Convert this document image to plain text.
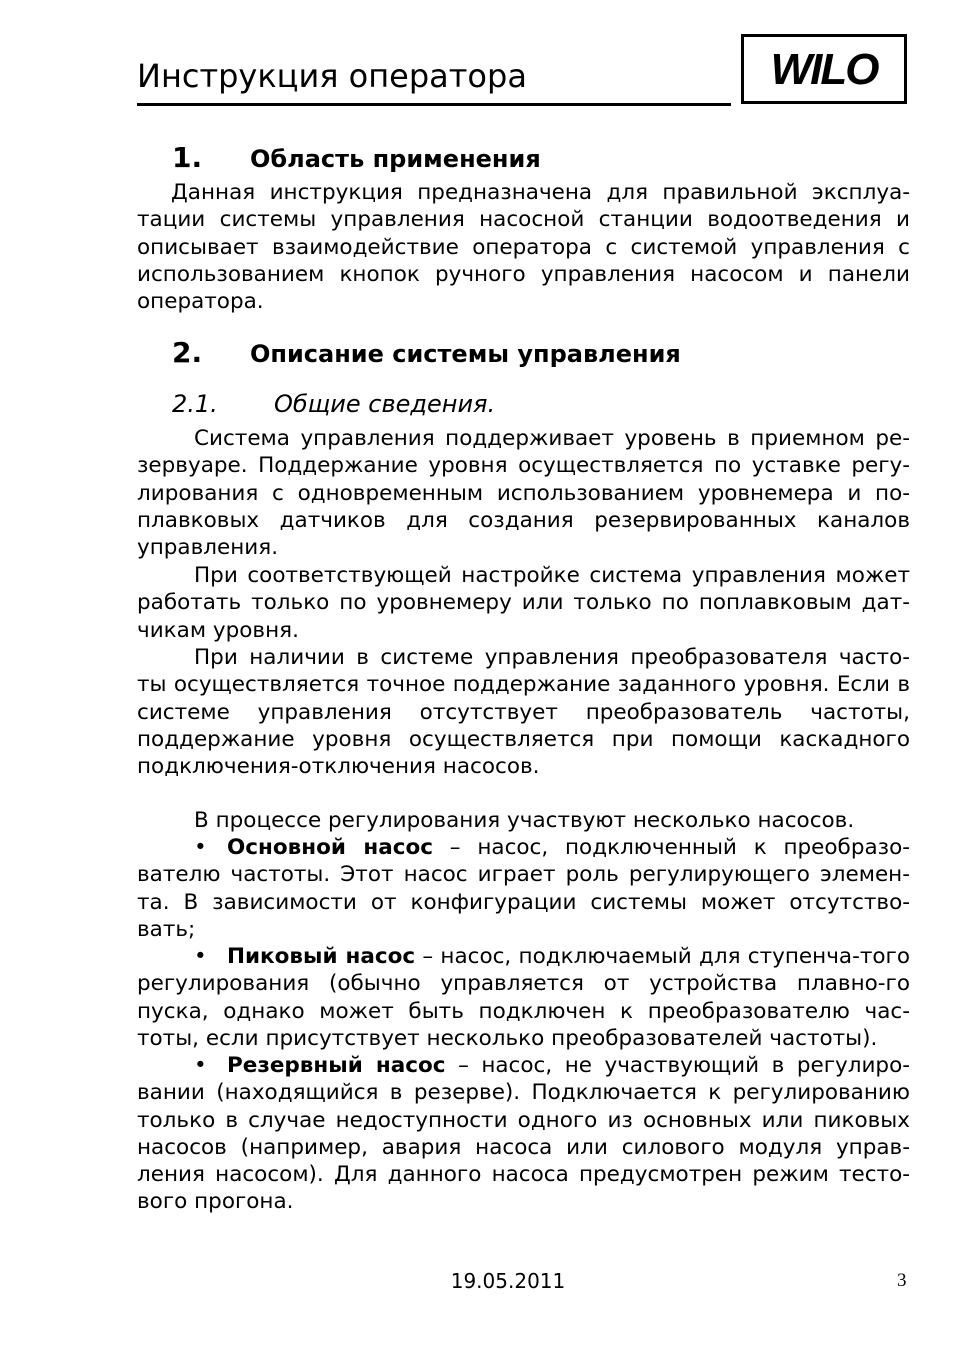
Инструкция оператора	WILO
1. Область применения

Данная инструкция предназначена для правильной эксплуа-тации системы управления насосной станции водоотведения и описывает взаимодействие оператора с системой управления с использованием кнопок ручного управления насосом и панели оператора.

2. Описание системы управления
2.1. Общие сведения.

Система управления поддерживает уровень в приемном ре-зервуаре. Поддержание уровня осуществляется по уставке регу-лирования с одновременным использованием уровнемера и по-плавковых датчиков для создания резервированных каналов управления.

При соответствующей настройке система управления может работать только по уровнемеру или только по поплавковым дат-чикам уровня.

При наличии в системе управления преобразователя часто-ты осуществляется точное поддержание заданного уровня. Если в системе управления отсутствует преобразователь частоты, поддержание уровня осуществляется при помощи каскадного подключения-отключения насосов.

В процессе регулирования участвуют несколько насосов.

• Основной насос – насос, подключенный к преобразо-вателю частоты. Этот насос играет роль регулирующего элемен-та. В зависимости от конфигурации системы может отсутство-вать;

• Пиковый насос – насос, подключаемый для ступенча-того регулирования (обычно управляется от устройства плавно-го пуска, однако может быть подключен к преобразователю час-тоты, если присутствует несколько преобразователей частоты).

• Резервный насос – насос, не участвующий в регулиро-вании (находящийся в резерве). Подключается к регулированию только в случае недоступности одного из основных или пиковых насосов (например, авария насоса или силового модуля управ-ления насосом). Для данного насоса предусмотрен режим тесто-вого прогона.

19.05.2011	3
